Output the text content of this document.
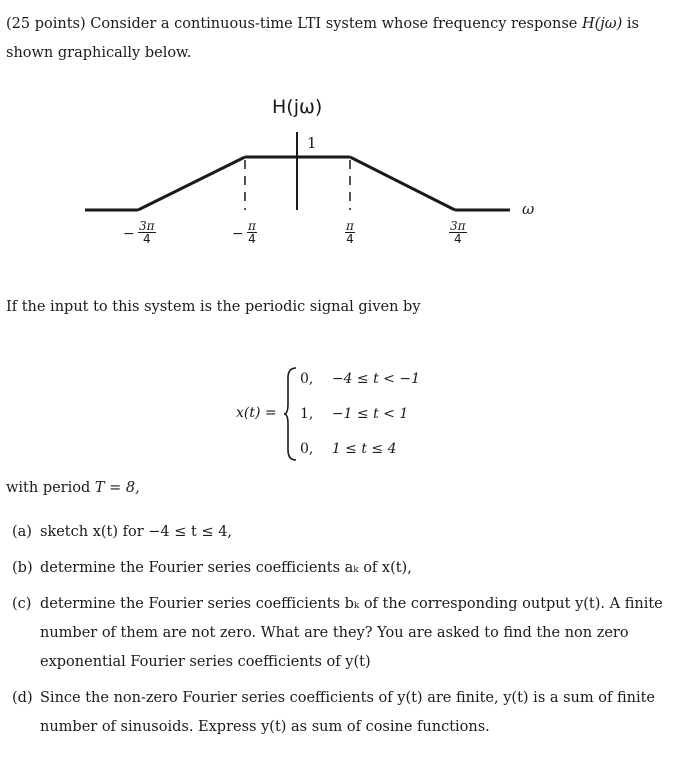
(25 points) Consider a continuous-time LTI system whose frequency response H(jω) is shown graphically below.
H(jω)
1
ω
− $\frac{3\pi}{4}$	− $\frac{\pi}{4}$	$\frac{\pi}{4}$	$\frac{3\pi}{4}$
If the input to this system is the periodic signal given by
x(t) =
0, −4 ≤ t < −1
1, −1 ≤ t < 1
0, 1 ≤ t ≤ 4
with period T = 8,
(a) sketch x(t) for −4 ≤ t ≤ 4,
(b) determine the Fourier series coefficients aₖ of x(t),
(c) determine the Fourier series coefficients bₖ of the corresponding output y(t). A finite number of them are not zero. What are they? You are asked to find the non zero exponential Fourier series coefficients of y(t)
(d) Since the non-zero Fourier series coefficients of y(t) are finite, y(t) is a sum of finite number of sinusoids. Express y(t) as sum of cosine functions.
